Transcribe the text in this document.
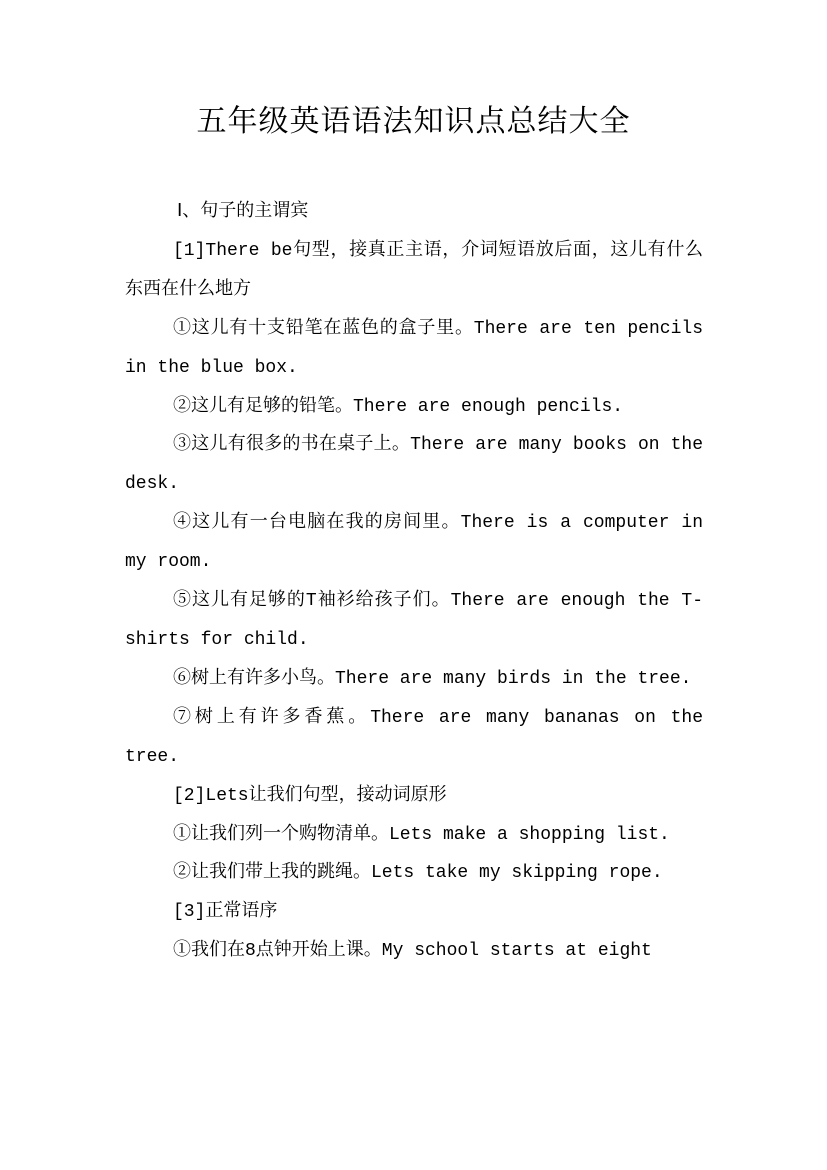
五年级英语语法知识点总结大全

Ⅰ、句子的主谓宾

[1]There be句型，接真正主语，介词短语放后面，这儿有什么东西在什么地方

①这儿有十支铅笔在蓝色的盒子里。There are ten pencils in the blue box.

②这儿有足够的铅笔。There are enough pencils.

③这儿有很多的书在桌子上。There are many books on the desk.

④这儿有一台电脑在我的房间里。There is a computer in my room.

⑤这儿有足够的T袖衫给孩子们。There are enough the T-shirts for child.

⑥树上有许多小鸟。There are many birds in the tree.

⑦树上有许多香蕉。There are many bananas on the tree.

[2]Lets让我们句型，接动词原形

①让我们列一个购物清单。Lets make a shopping list.

②让我们带上我的跳绳。Lets take my skipping rope.

[3]正常语序

①我们在8点钟开始上课。My school starts at eight
